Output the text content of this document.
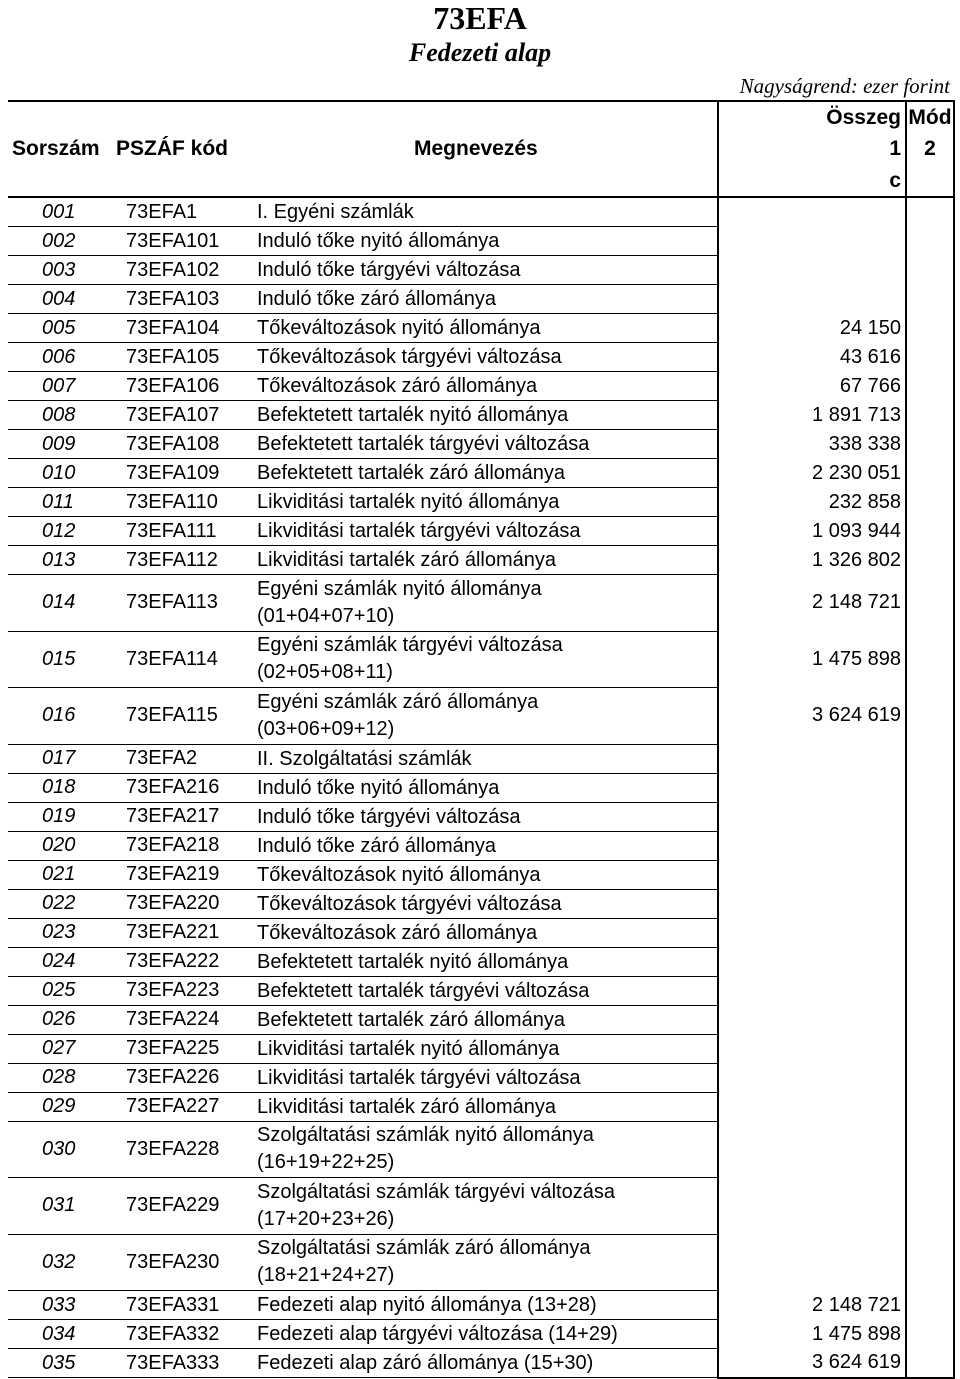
73EFA
Fedezeti alap
Nagyságrend: ezer forint
			Összeg	Mód
Sorszám	PSZÁF kód	Megnevezés	1	2
			c	
001	73EFA1	I. Egyéni számlák		
002	73EFA101	Induló tőke nyitó állománya		
003	73EFA102	Induló tőke tárgyévi változása		
004	73EFA103	Induló tőke záró állománya		
005	73EFA104	Tőkeváltozások nyitó állománya	24 150	
006	73EFA105	Tőkeváltozások tárgyévi változása	43 616	
007	73EFA106	Tőkeváltozások záró állománya	67 766	
008	73EFA107	Befektetett tartalék nyitó állománya	1 891 713	
009	73EFA108	Befektetett tartalék tárgyévi változása	338 338	
010	73EFA109	Befektetett tartalék záró állománya	2 230 051	
011	73EFA110	Likviditási tartalék nyitó állománya	232 858	
012	73EFA111	Likviditási tartalék tárgyévi változása	1 093 944	
013	73EFA112	Likviditási tartalék záró állománya	1 326 802	
014	73EFA113	Egyéni számlák nyitó állománya
(01+04+07+10)	2 148 721	
015	73EFA114	Egyéni számlák tárgyévi változása
(02+05+08+11)	1 475 898	
016	73EFA115	Egyéni számlák záró állománya
(03+06+09+12)	3 624 619	
017	73EFA2	II. Szolgáltatási számlák		
018	73EFA216	Induló tőke nyitó állománya		
019	73EFA217	Induló tőke tárgyévi változása		
020	73EFA218	Induló tőke záró állománya		
021	73EFA219	Tőkeváltozások nyitó állománya		
022	73EFA220	Tőkeváltozások tárgyévi változása		
023	73EFA221	Tőkeváltozások záró állománya		
024	73EFA222	Befektetett tartalék nyitó állománya		
025	73EFA223	Befektetett tartalék tárgyévi változása		
026	73EFA224	Befektetett tartalék záró állománya		
027	73EFA225	Likviditási tartalék nyitó állománya		
028	73EFA226	Likviditási tartalék tárgyévi változása		
029	73EFA227	Likviditási tartalék záró állománya		
030	73EFA228	Szolgáltatási számlák nyitó állománya
(16+19+22+25)		

031	73EFA229	Szolgáltatási számlák tárgyévi változása
(17+20+23+26)		

032	73EFA230	Szolgáltatási számlák záró állománya
(18+21+24+27)		

033	73EFA331	Fedezeti alap nyitó állománya (13+28)	2 148 721	
034	73EFA332	Fedezeti alap tárgyévi változása (14+29)	1 475 898	
035	73EFA333	Fedezeti alap záró állománya (15+30)	3 624 619	
